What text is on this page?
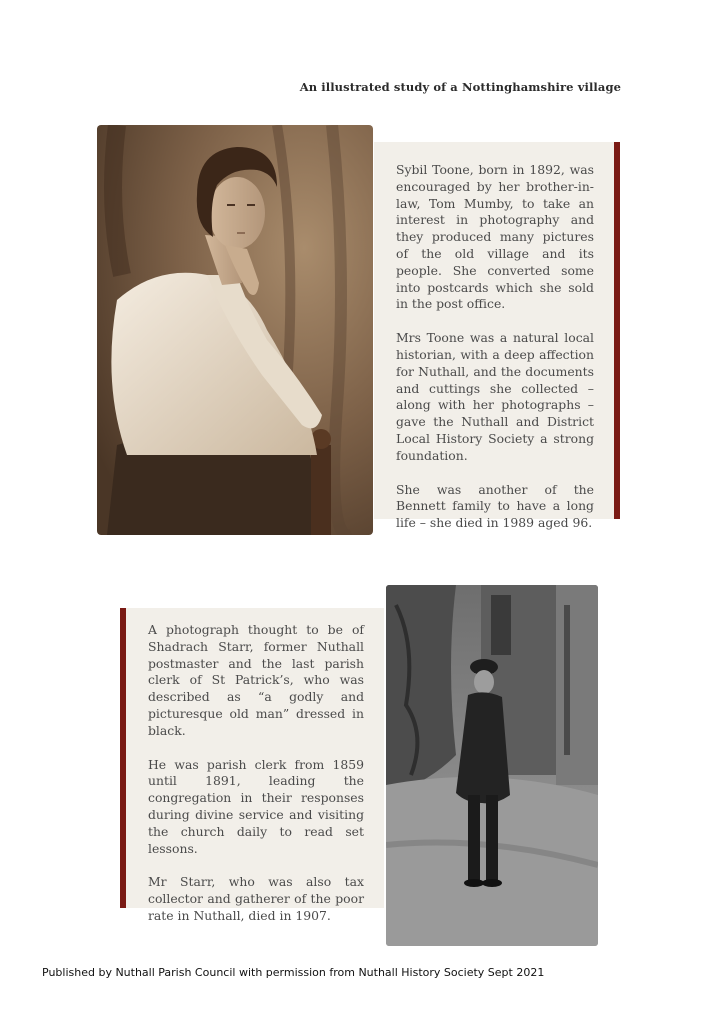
An illustrated study of a Nottinghamshire village

Sybil Toone, born in 1892, was encouraged by her brother-in-law, Tom Mumby, to take an interest in photography and they produced many pictures of the old village and its people. She converted some into postcards which she sold in the post office.

Mrs Toone was a natural local historian, with a deep affection for Nuthall, and the documents and cuttings she collected – along with her photographs – gave the Nuthall and District Local History Society a strong foundation.

She was another of the Bennett family to have a long life – she died in 1989 aged 96.

A photograph thought to be of Shadrach Starr, former Nuthall postmaster and the last parish clerk of St Patrick’s, who was described as “a godly and picturesque old man” dressed in black.

He was parish clerk from 1859 until 1891, leading the congregation in their responses during divine service and visiting the church daily to read set lessons.

Mr Starr, who was also tax collector and gatherer of the poor rate in Nuthall, died in 1907.

Published by Nuthall Parish Council with permission from Nuthall History Society Sept 2021
